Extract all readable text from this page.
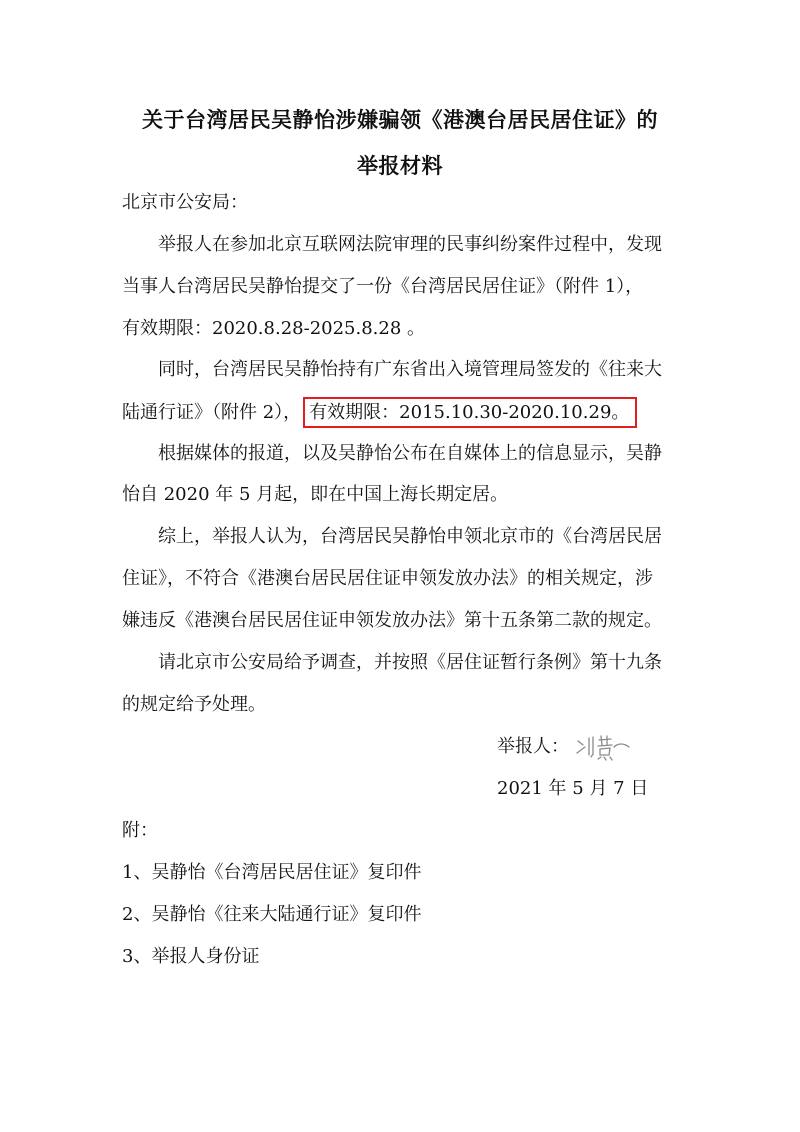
关于台湾居民吴静怡涉嫌骗领《港澳台居民居住证》的
举报材料
北京市公安局：
举报人在参加北京互联网法院审理的民事纠纷案件过程中，发现
当事人台湾居民吴静怡提交了一份《台湾居民居住证》（附件 1），
有效期限：2020.8.28-2025.8.28 。
同时，台湾居民吴静怡持有广东省出入境管理局签发的《往来大
陆通行证》（附件 2）， 有效期限：2015.10.30-2020.10.29。
根据媒体的报道，以及吴静怡公布在自媒体上的信息显示，吴静
怡自 2020 年 5 月起，即在中国上海长期定居。
综上，举报人认为，台湾居民吴静怡申领北京市的《台湾居民居
住证》，不符合《港澳台居民居住证申领发放办法》的相关规定，涉
嫌违反《港澳台居民居住证申领发放办法》第十五条第二款的规定。
请北京市公安局给予调查，并按照《居住证暂行条例》第十九条
的规定给予处理。
举报人：
2021 年 5 月 7 日
附：
1、吴静怡《台湾居民居住证》复印件
2、吴静怡《往来大陆通行证》复印件
3、举报人身份证
